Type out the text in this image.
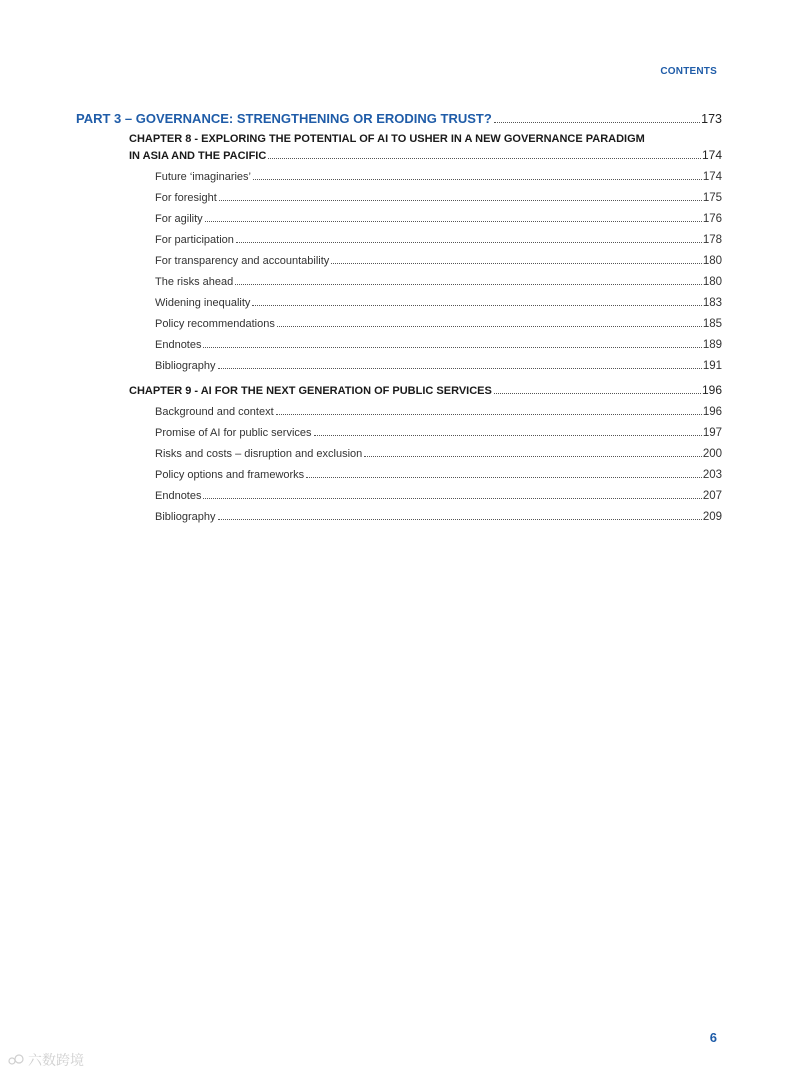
CONTENTS
PART 3 – GOVERNANCE: STRENGTHENING OR ERODING TRUST?	173
CHAPTER 8 - EXPLORING THE POTENTIAL OF AI TO USHER IN A NEW GOVERNANCE PARADIGM
IN ASIA AND THE PACIFIC	174
Future ‘imaginaries’	174
For foresight	175
For agility	176
For participation	178
For transparency and accountability	180
The risks ahead	180
Widening inequality	183
Policy recommendations	185
Endnotes	189
Bibliography	191
CHAPTER 9 - AI FOR THE NEXT GENERATION OF PUBLIC SERVICES	196
Background and context	196
Promise of AI for public services	197
Risks and costs – disruption and exclusion	200
Policy options and frameworks	203
Endnotes	207
Bibliography	209
6
六数跨境
